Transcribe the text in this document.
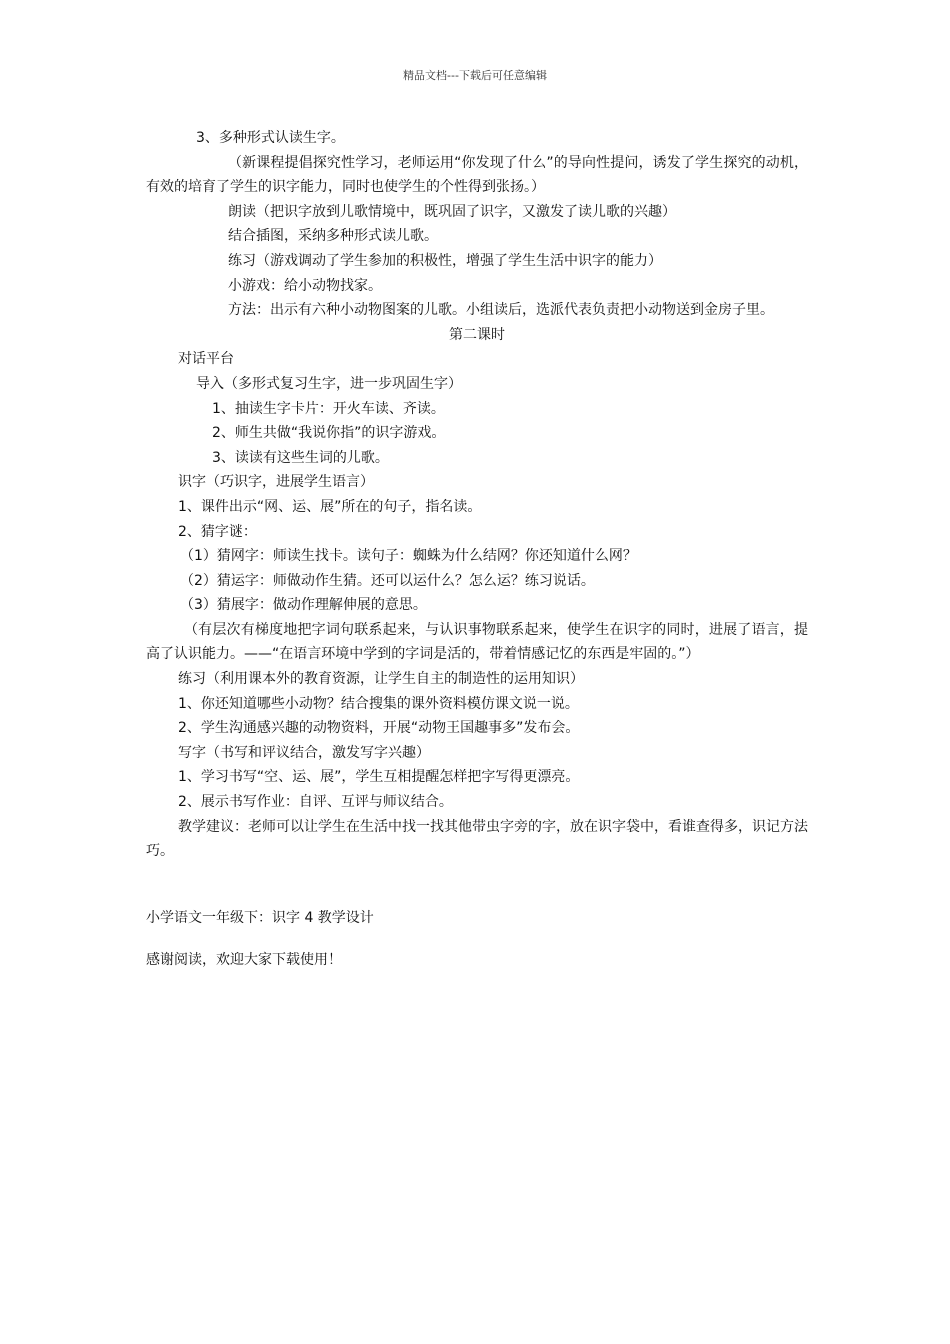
精品文档---下载后可任意编辑

3、多种形式认读生字。

（新课程提倡探究性学习，老师运用“你发现了什么”的导向性提问，诱发了学生探究的动机，有效的培育了学生的识字能力，同时也使学生的个性得到张扬。）

朗读（把识字放到儿歌情境中，既巩固了识字，又激发了读儿歌的兴趣）

结合插图，采纳多种形式读儿歌。

练习（游戏调动了学生参加的积极性，增强了学生生活中识字的能力）

小游戏：给小动物找家。

方法：出示有六种小动物图案的儿歌。小组读后，选派代表负责把小动物送到金房子里。

第二课时

对话平台

导入（多形式复习生字，进一步巩固生字）

1、抽读生字卡片：开火车读、齐读。

2、师生共做“我说你指”的识字游戏。

3、读读有这些生词的儿歌。

识字（巧识字，进展学生语言）

1、课件出示“网、运、展”所在的句子，指名读。

2、猜字谜：

（1）猜网字：师读生找卡。读句子：蜘蛛为什么结网？你还知道什么网？

（2）猜运字：师做动作生猜。还可以运什么？怎么运？练习说话。

（3）猜展字：做动作理解伸展的意思。

（有层次有梯度地把字词句联系起来，与认识事物联系起来，使学生在识字的同时，进展了语言，提高了认识能力。——“在语言环境中学到的字词是活的，带着情感记忆的东西是牢固的。”）

练习（利用课本外的教育资源，让学生自主的制造性的运用知识）

1、你还知道哪些小动物？结合搜集的课外资料模仿课文说一说。

2、学生沟通感兴趣的动物资料，开展“动物王国趣事多”发布会。

写字（书写和评议结合，激发写字兴趣）

1、学习书写“空、运、展”，学生互相提醒怎样把字写得更漂亮。

2、展示书写作业：自评、互评与师议结合。

教学建议：老师可以让学生在生活中找一找其他带虫字旁的字，放在识字袋中，看谁查得多，识记方法巧。

小学语文一年级下：识字 4 教学设计

感谢阅读，欢迎大家下载使用！
